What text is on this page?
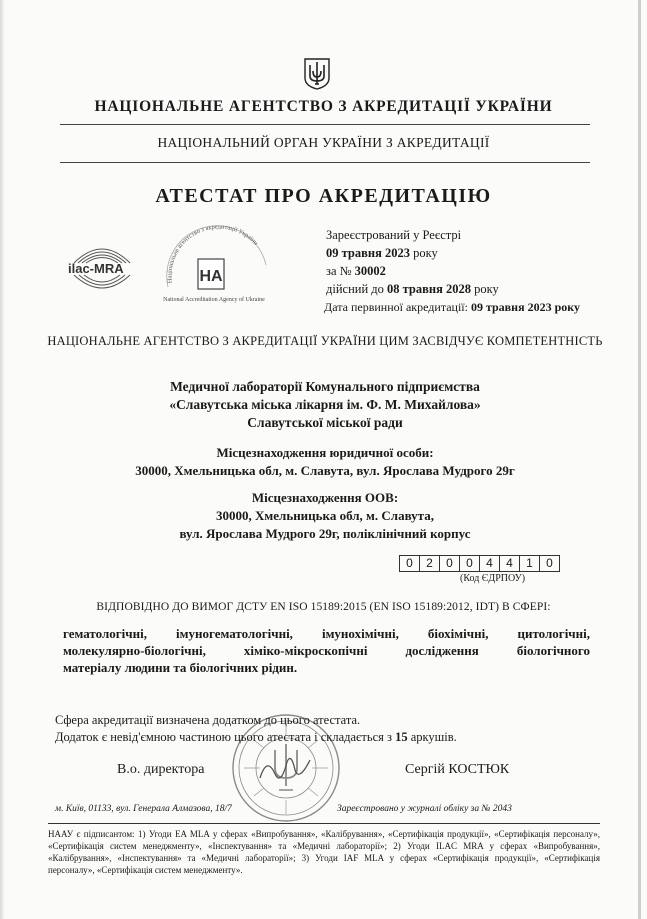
НАЦІОНАЛЬНЕ АГЕНТСТВО З АКРЕДИТАЦІЇ УКРАЇНИ
НАЦІОНАЛЬНИЙ ОРГАН УКРАЇНИ З АКРЕДИТАЦІЇ
АТЕСТАТ ПРО АКРЕДИТАЦІЮ
ilac-MRA
Національне агентство з акредитації України
НА
National Accreditation Agency of Ukraine
Зареєстрований у Реєстрі
09 травня 2023 року
за № 30002
дійсний до 08 травня 2028 року
Дата первинної акредитації: 09 травня 2023 року
НАЦІОНАЛЬНЕ АГЕНТСТВО З АКРЕДИТАЦІЇ УКРАЇНИ ЦИМ ЗАСВІДЧУЄ КОМПЕТЕНТНІСТЬ
Медичної лабораторії Комунального підприємства
«Славутська міська лікарня ім. Ф. М. Михайлова»
Славутської міської ради
Місцезнаходження юридичної особи:
30000, Хмельницька обл, м. Славута, вул. Ярослава Мудрого 29г
Місцезнаходження ООВ:
30000, Хмельницька обл, м. Славута,
вул. Ярослава Мудрого 29г, поліклінічний корпус
0	2	0	0	4	4	1	0
(Код ЄДРПОУ)
ВІДПОВІДНО ДО ВИМОГ ДСТУ EN ISO 15189:2015 (EN ISO 15189:2012, IDT) В СФЕРІ:
гематологічні, імуногематологічні, імунохімічні, біохімічні, цитологічні,
молекулярно-біологічні, хіміко-мікроскопічні дослідження біологічного
матеріалу людини та біологічних рідин.
Сфера акредитації визначена додатком до цього атестата.
Додаток є невід'ємною частиною цього атестата і складається з 15 аркушів.
В.о. директора	Сергій КОСТЮК
м. Київ, 01133, вул. Генерала Алмазова, 18/7	Зареєстровано у журналі обліку за № 2043
НААУ є підписантом: 1) Угоди EA MLA у сферах «Випробування», «Калібрування», «Сертифікація продукції», «Сертифікація персоналу», «Сертифікація систем менеджменту», «Інспектування» та «Медичні лабораторії»; 2) Угоди ILAC MRA у сферах «Випробування», «Калібрування», «Інспектування» та «Медичні лабораторії»; 3) Угоди IAF MLA у сферах «Сертифікація продукції», «Сертифікація персоналу», «Сертифікація систем менеджменту».
